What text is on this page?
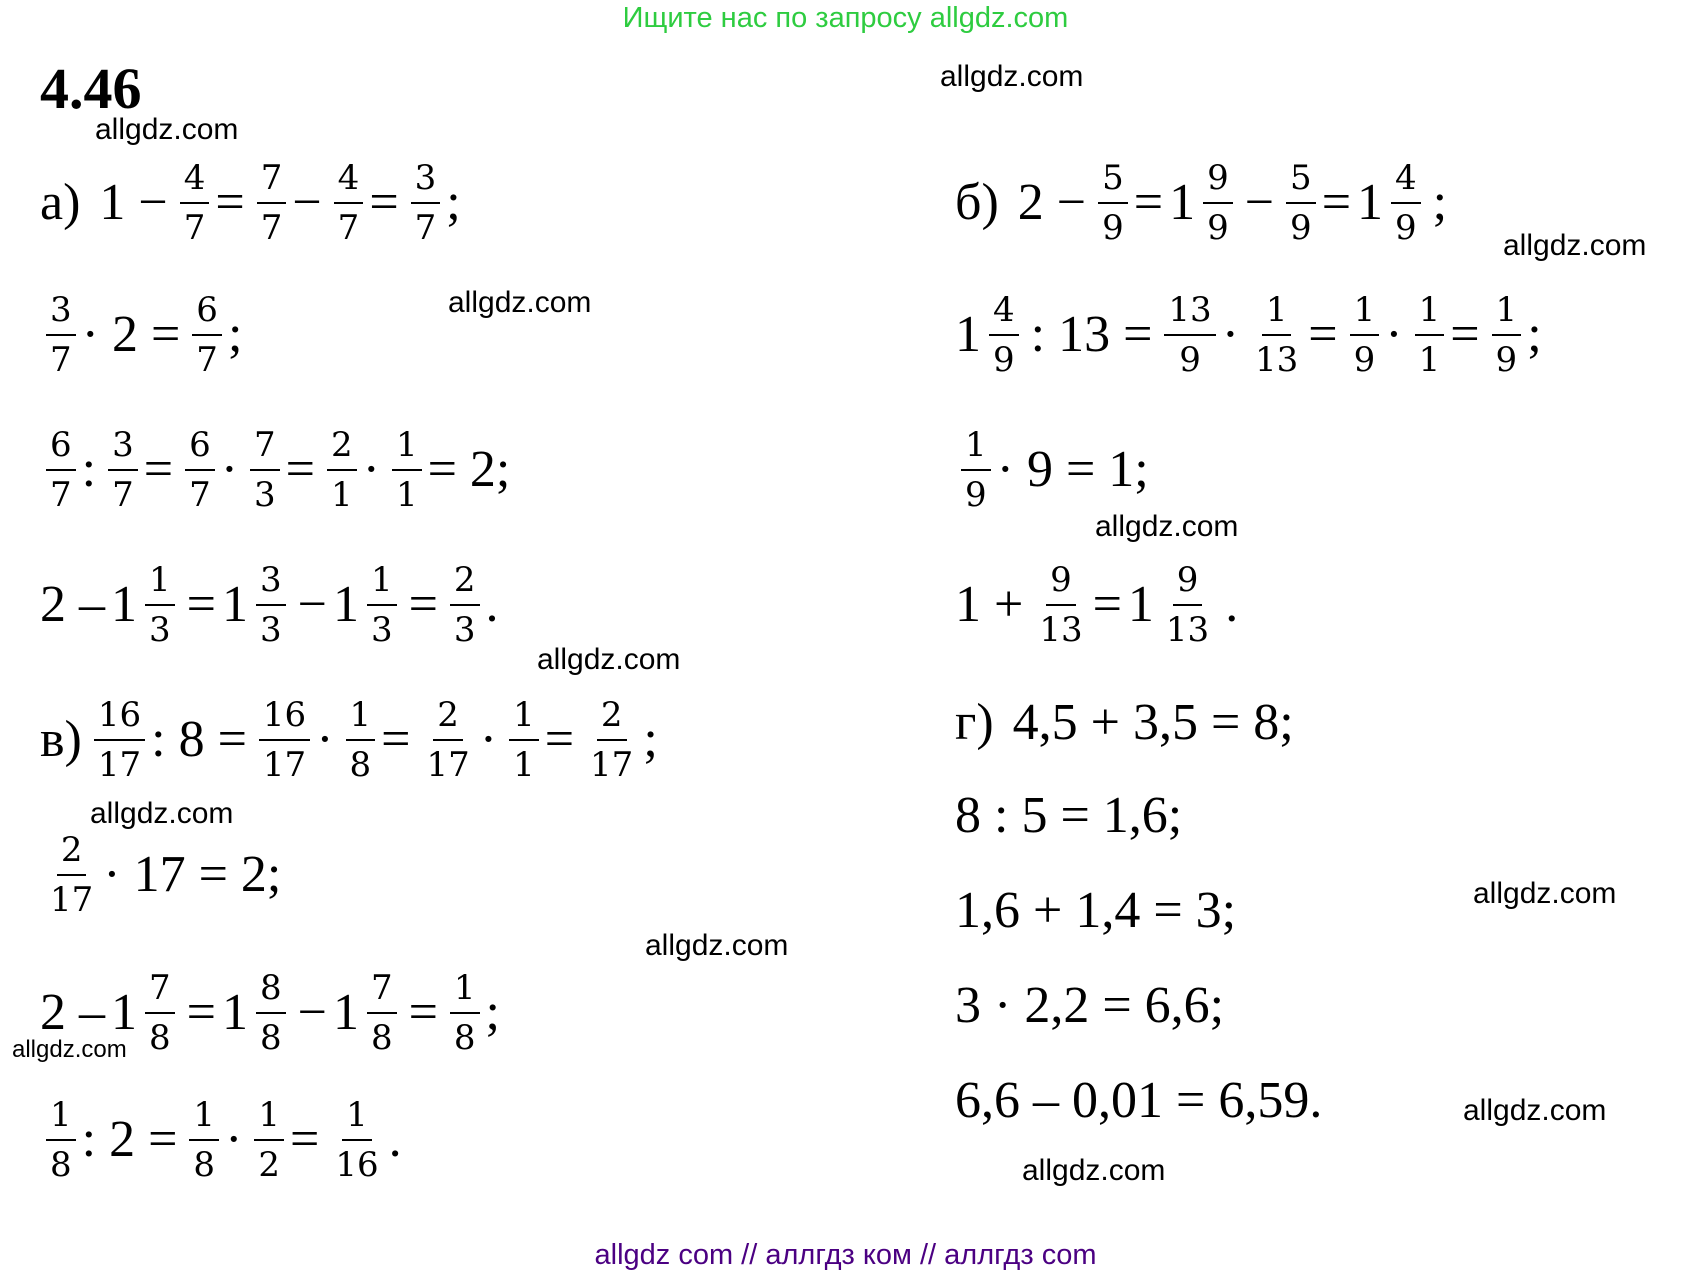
Ищите нас по запросу allgdz.com
4.46	allgdz.com
allgdz.com
allgdz.com
allgdz.com
allgdz.com
allgdz.com
allgdz.com
allgdz.com
allgdz.com
allgdz.com
allgdz.com
allgdz.com
а) $1 - \frac{4}{7} = \frac{7}{7} - \frac{4}{7} = \frac{3}{7}$ ;
$\frac{3}{7} \cdot 2 = \frac{6}{7}$ ;
$\frac{6}{7}$ : $\frac{3}{7} = \frac{6}{7} \cdot \frac{7}{3} = \frac{2}{1} \cdot \frac{1}{1} = 2$;
$2 - 1 \frac{1}{3} = 1 \frac{3}{3} - 1 \frac{1}{3} = \frac{2}{3}$ .
$в) \frac{16}{17}$ : $8 = \frac{16}{17} \cdot \frac{1}{8} = \frac{2}{17} \cdot \frac{1}{1} = \frac{2}{17}$ ;
$\frac{2}{17} \cdot 17 = 2$;
$2 - 1 \frac{7}{8} = 1 \frac{8}{8} - 1 \frac{7}{8} = \frac{1}{8}$ ;
$\frac{1}{8}$ : $2 = \frac{1}{8} \cdot \frac{1}{2} = \frac{1}{16}$ .
б) $2 - \frac{5}{9} = 1 \frac{9}{9} - \frac{5}{9} = 1 \frac{4}{9}$ ;
$1 \frac{4}{9}$ : $13 = \frac{13}{9} \cdot \frac{1}{13} = \frac{1}{9} \cdot \frac{1}{1} = \frac{1}{9}$ ;
$\frac{1}{9} \cdot 9 = 1$;
$1 + \frac{9}{13} = 1 \frac{9}{13}$ .
г) 4,5 + 3,5 = 8;
8 : 5 = 1,6;
1,6 + 1,4 = 3;
3 · 2,2 = 6,6;
6,6 – 0,01 = 6,59.
allgdz com // аллгдз ком // аллгдз com
